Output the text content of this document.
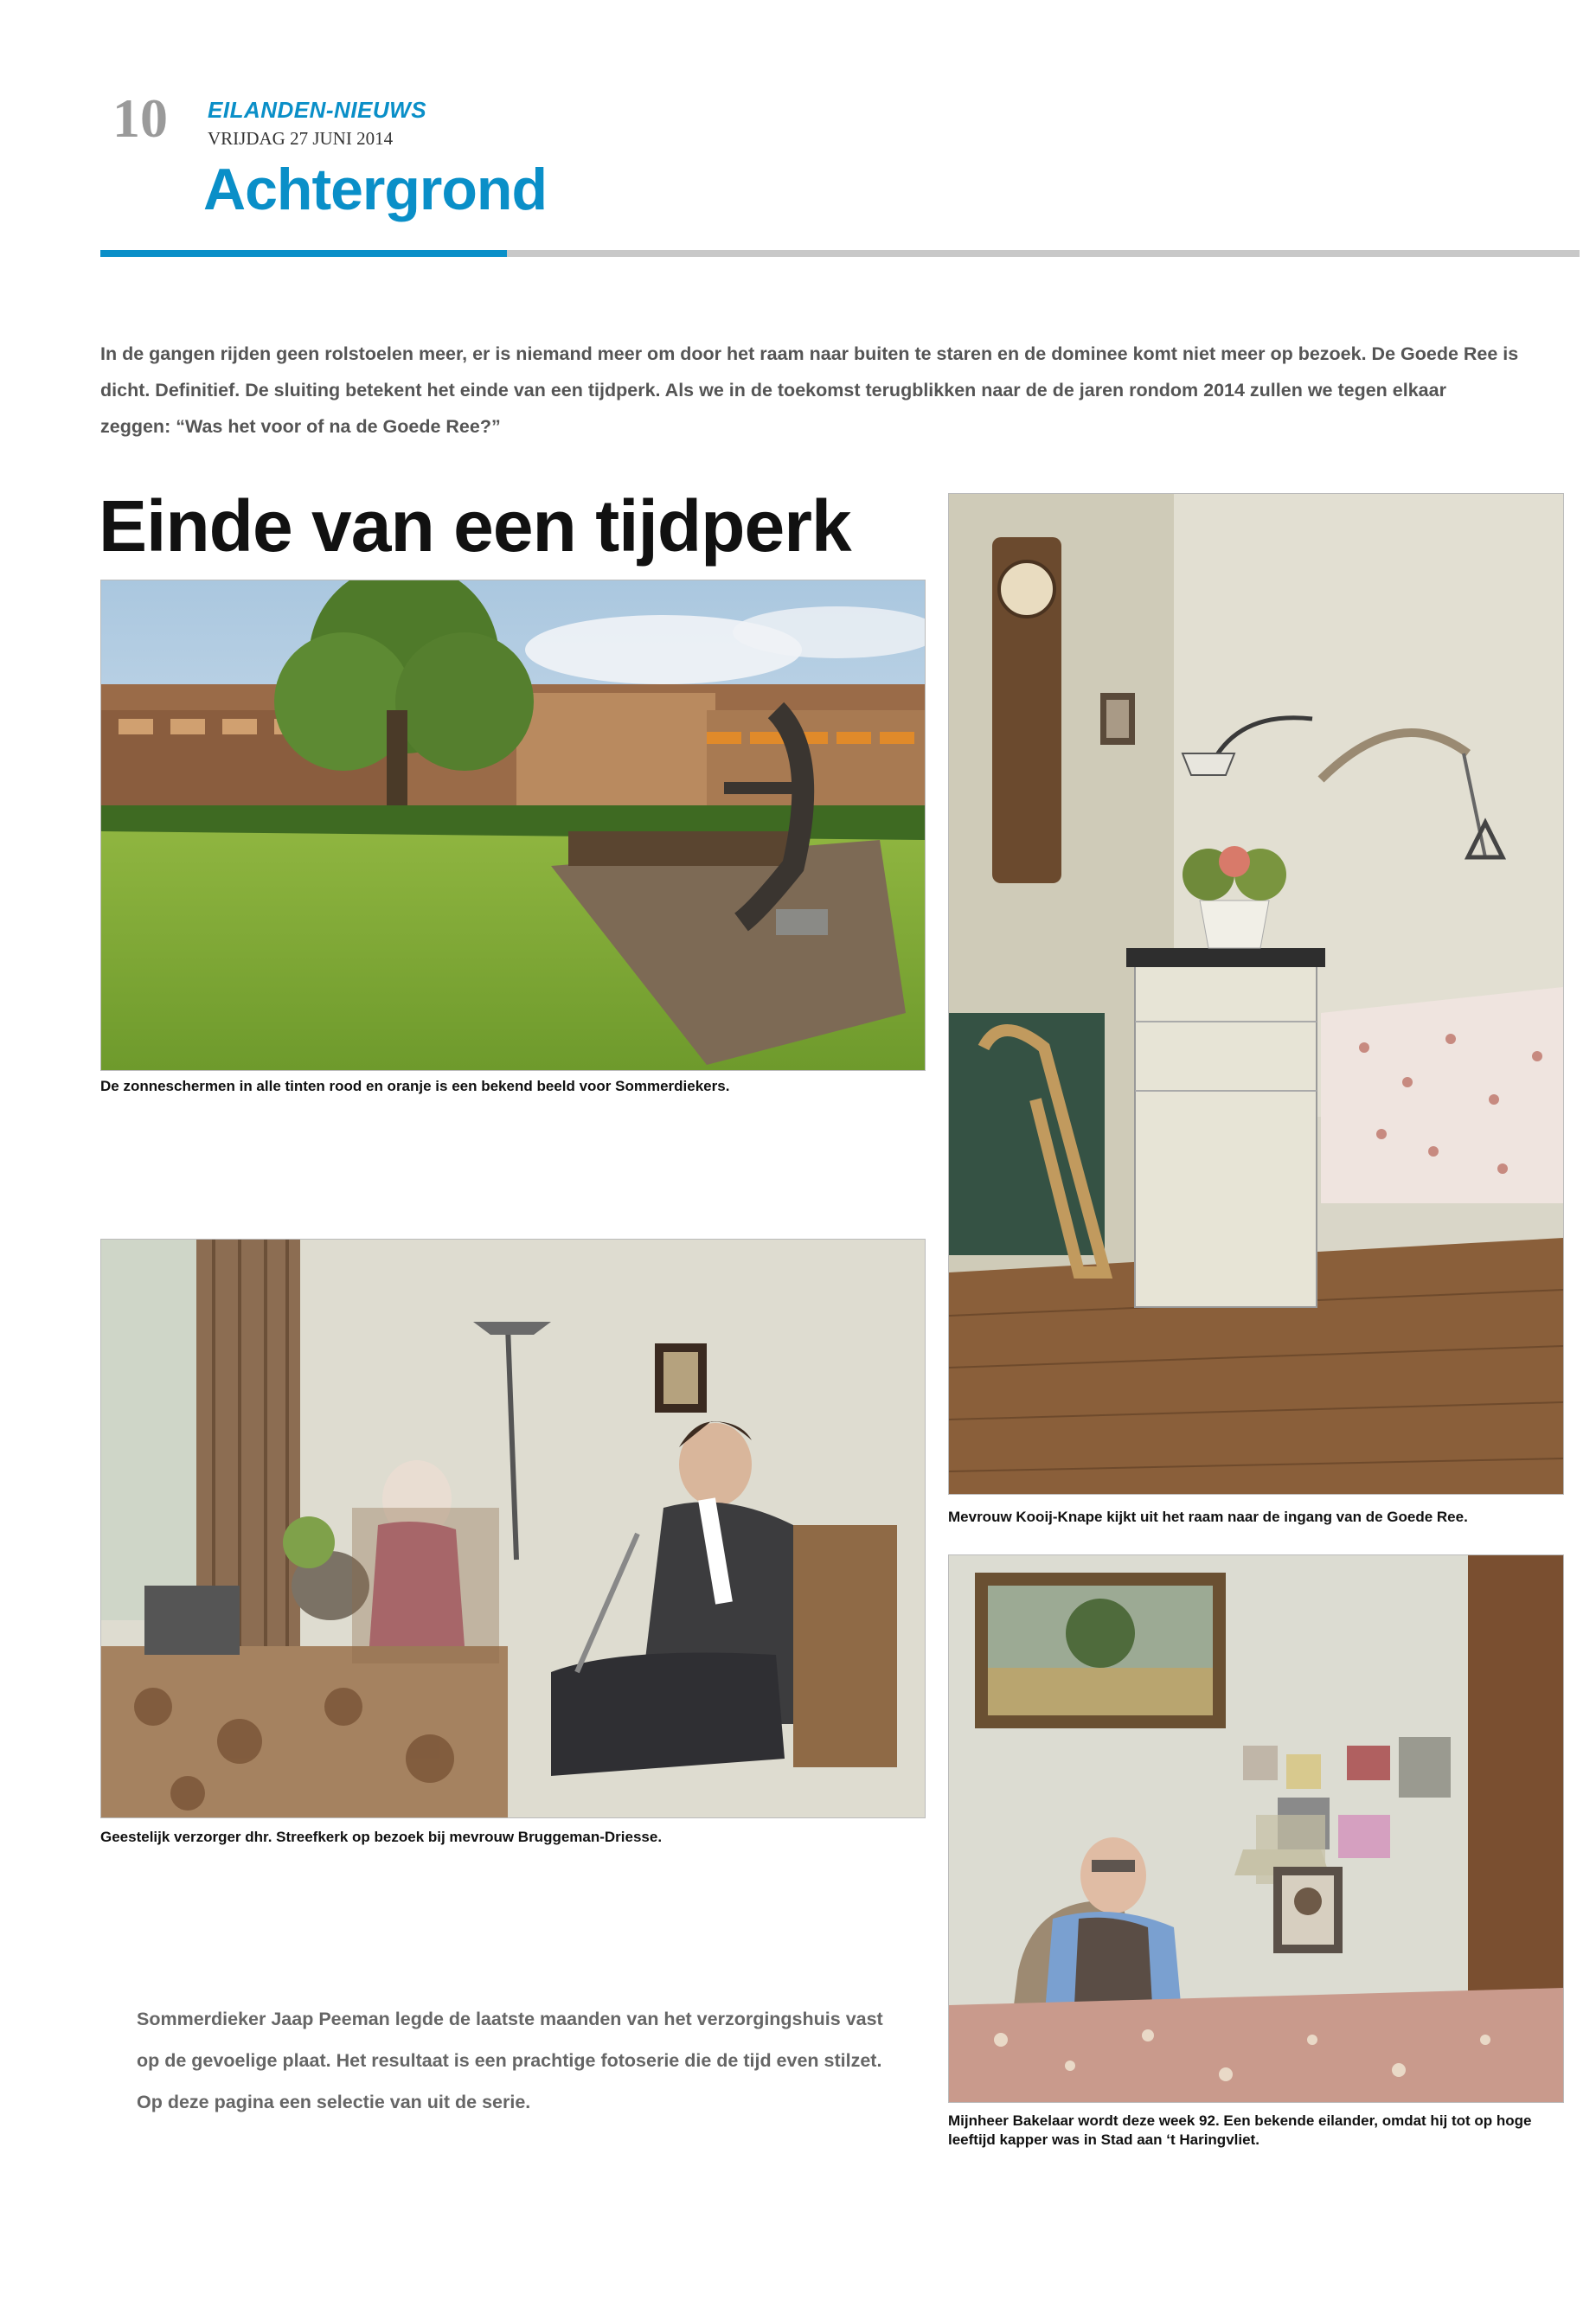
10 EILANDEN-NIEUWS
VRIJDAG 27 JUNI 2014
Achtergrond
In de gangen rijden geen rolstoelen meer, er is niemand meer om door het raam naar buiten te staren en de dominee komt niet meer op bezoek. De Goede Ree is dicht. Definitief. De sluiting betekent het einde van een tijdperk. Als we in de toekomst terugblikken naar de de jaren rondom 2014 zullen we tegen elkaar zeggen: “Was het voor of na de Goede Ree?”
Einde van een tijdperk
De zonneschermen in alle tinten rood en oranje is een bekend beeld voor Sommerdiekers.
Mevrouw Kooij-Knape kijkt uit het raam naar de ingang van de Goede Ree.
Geestelijk verzorger dhr. Streefkerk op bezoek bij mevrouw Bruggeman-Driesse.
Mijnheer Bakelaar wordt deze week 92. Een bekende eilander, omdat hij tot op hoge leeftijd kapper was in Stad aan ‘t Haringvliet.
Sommerdieker Jaap Peeman legde de laatste maanden van het verzorgingshuis vast op de gevoelige plaat. Het resultaat is een prachtige fotoserie die de tijd even stilzet. Op deze pagina een selectie van uit de serie.
